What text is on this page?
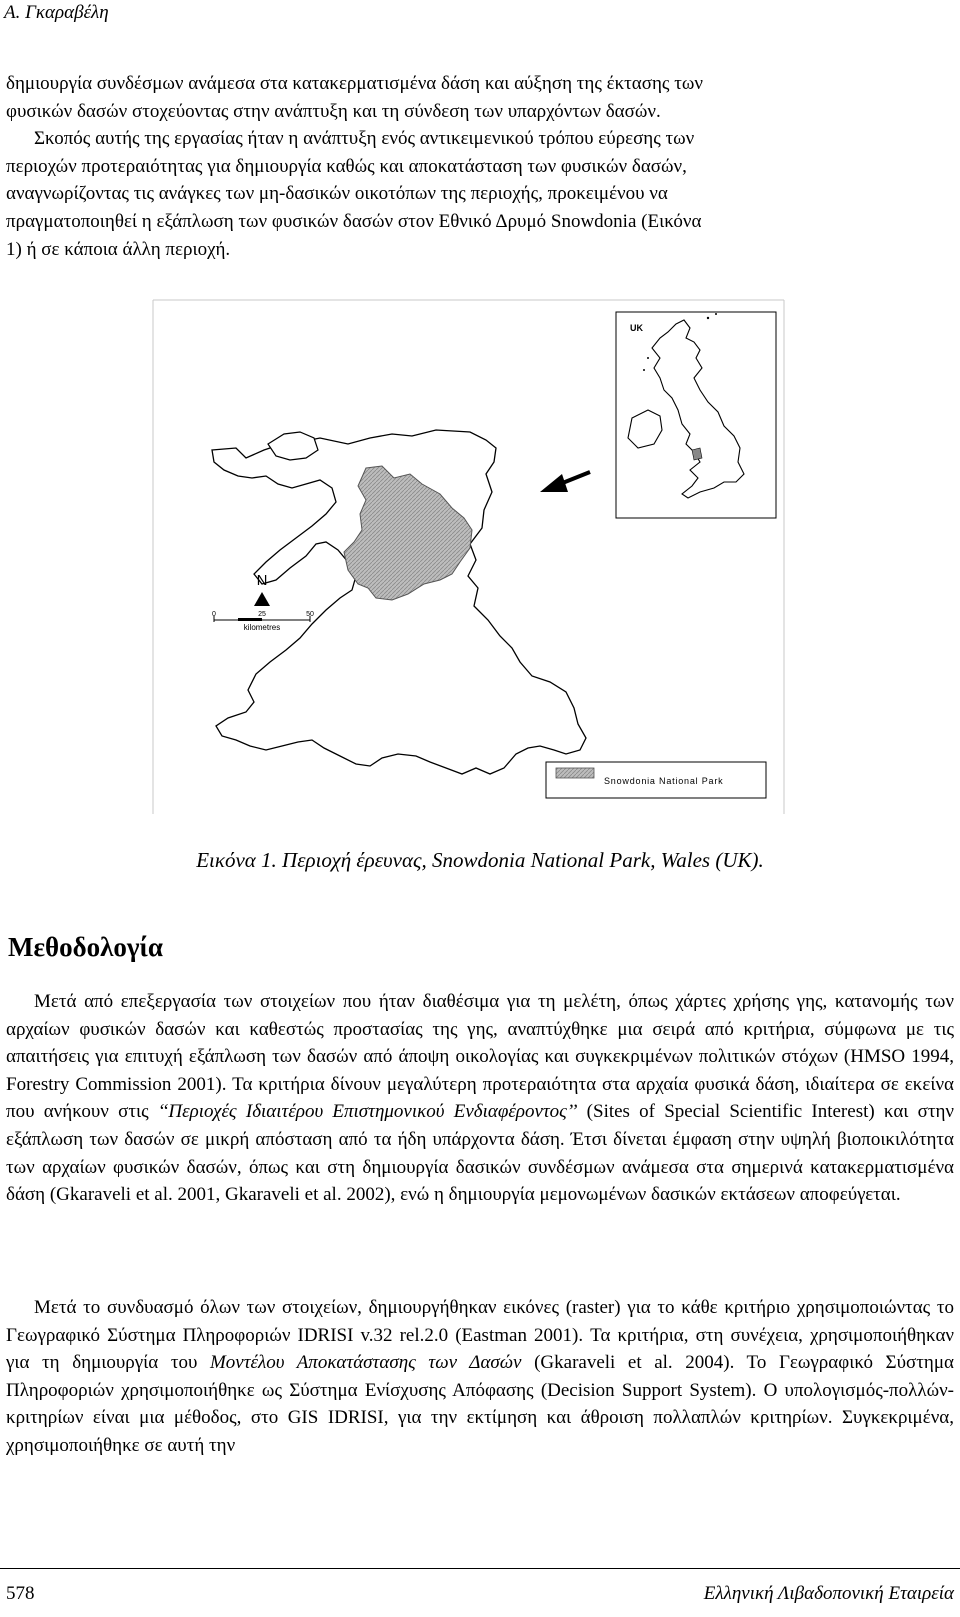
Α. Γκαραβέλη
δημιουργία συνδέσμων ανάμεσα στα κατακερματισμένα δάση και αύξηση της έκτασης των
φυσικών δασών στοχεύοντας στην ανάπτυξη και τη σύνδεση των υπαρχόντων δασών.
Σκοπός αυτής της εργασίας ήταν η ανάπτυξη ενός αντικειμενικού τρόπου εύρεσης των
περιοχών προτεραιότητας για δημιουργία καθώς και αποκατάσταση των φυσικών δασών,
αναγνωρίζοντας τις ανάγκες των μη-δασικών οικοτόπων της περιοχής, προκειμένου να
πραγματοποιηθεί η εξάπλωση των φυσικών δασών στον Εθνικό Δρυμό Snowdonia (Εικόνα
1) ή σε κάποια άλλη περιοχή.
UK
N
0	25	50
kilometres
Snowdonia National Park
Εικόνα 1. Περιοχή έρευνας, Snowdonia National Park, Wales (UK).
Μεθοδολογία

Μετά από επεξεργασία των στοιχείων που ήταν διαθέσιμα για τη μελέτη, όπως χάρτες χρήσης γης, κατανομής των αρχαίων φυσικών δασών και καθεστώς προστασίας της γης, αναπτύχθηκε μια σειρά από κριτήρια, σύμφωνα με τις απαιτήσεις για επιτυχή εξάπλωση των δασών από άποψη οικολογίας και συγκεκριμένων πολιτικών στόχων (HMSO 1994, Forestry Commission 2001). Τα κριτήρια δίνουν μεγαλύτερη προτεραιότητα στα αρχαία φυσικά δάση, ιδιαίτερα σε εκείνα που ανήκουν στις ‘‘Περιοχές Ιδιαιτέρου Επιστημονικού Ενδιαφέροντος’’ (Sites of Special Scientific Interest) και στην εξάπλωση των δασών σε μικρή απόσταση από τα ήδη υπάρχοντα δάση. Έτσι δίνεται έμφαση στην υψηλή βιοποικιλότητα των αρχαίων φυσικών δασών, όπως και στη δημιουργία δασικών συνδέσμων ανάμεσα στα σημερινά κατακερματισμένα δάση (Gkaraveli et al. 2001, Gkaraveli et al. 2002), ενώ η δημιουργία μεμονωμένων δασικών εκτάσεων αποφεύγεται.

Μετά το συνδυασμό όλων των στοιχείων, δημιουργήθηκαν εικόνες (raster) για το κάθε κριτήριο χρησιμοποιώντας το Γεωγραφικό Σύστημα Πληροφοριών IDRISI v.32 rel.2.0 (Eastman 2001). Τα κριτήρια, στη συνέχεια, χρησιμοποιήθηκαν για τη δημιουργία του Μοντέλου Αποκατάστασης των Δασών (Gkaraveli et al. 2004). Το Γεωγραφικό Σύστημα Πληροφοριών χρησιμοποιήθηκε ως Σύστημα Ενίσχυσης Απόφασης (Decision Support System). Ο υπολογισμός-πολλών-κριτηρίων είναι μια μέθοδος, στο GIS IDRISI, για την εκτίμηση και άθροιση πολλαπλών κριτηρίων. Συγκεκριμένα, χρησιμοποιήθηκε σε αυτή την

578	Ελληνική Λιβαδοπονική Εταιρεία
